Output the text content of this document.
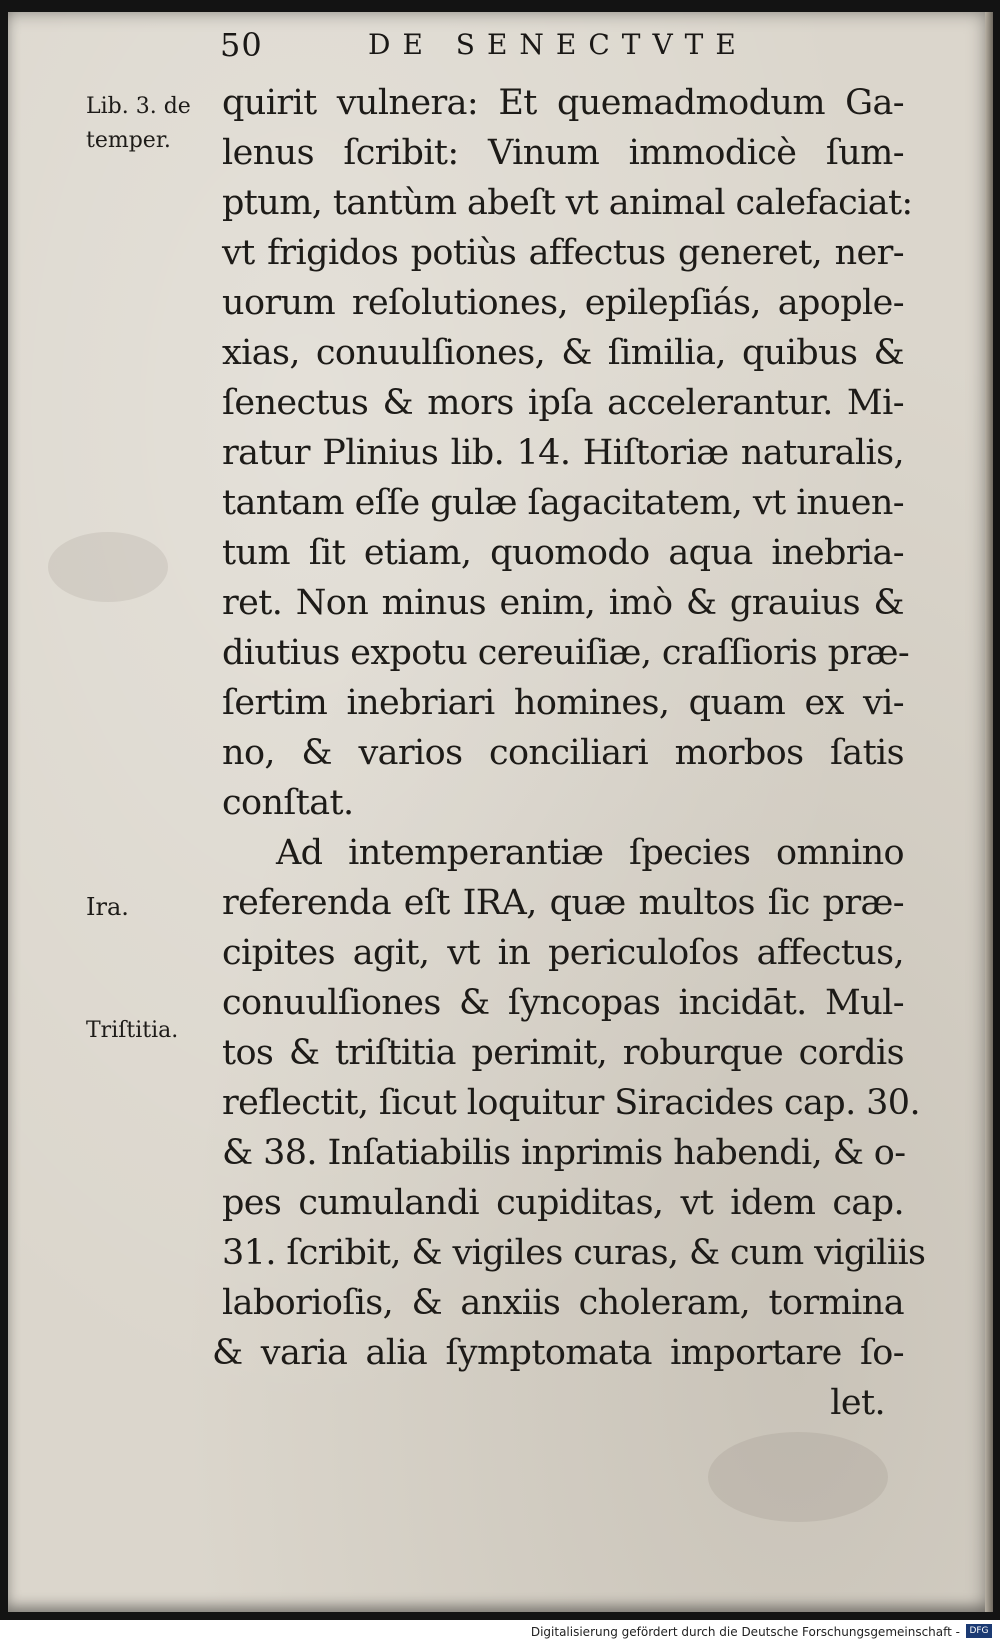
50	DE SENECTVTE
Lib. 3. de
temper.
Ira.
Triſtitia.
quirit vulnera: Et quemadmodum Ga-
lenus ſcribit: Vinum immodicè ſum-
ptum, tantùm abeſt vt animal calefaciat:
vt frigidos potiùs affectus generet, ner-
uorum reſolutiones, epilepſiás, apople-
xias, conuulſiones, & ſimilia, quibus &
ſenectus & mors ipſa accelerantur. Mi-
ratur Plinius lib. 14. Hiſtoriæ naturalis,
tantam eſſe gulæ ſagacitatem, vt inuen-
tum ſit etiam, quomodo aqua inebria-
ret. Non minus enim, imò & grauius &
diutius expotu cereuiſiæ, craſſioris præ-
ſertim inebriari homines, quam ex vi-
no, & varios conciliari morbos ſatis
conſtat.
Ad intemperantiæ ſpecies omnino
referenda eſt IRA, quæ multos ſic præ-
cipites agit, vt in periculoſos affectus,
conuulſiones & ſyncopas incidāt. Mul-
tos & triſtitia perimit, roburque cordis
reflectit, ſicut loquitur Siracides cap. 30.
& 38. Inſatiabilis inprimis habendi, & o-
pes cumulandi cupiditas, vt idem cap.
31. ſcribit, & vigiles curas, & cum vigiliis
laborioſis, & anxiis choleram, tormina
& varia alia ſymptomata importare ſo-
let.
Digitalisierung gefördert durch die Deutsche Forschungsgemeinschaft -	DFG
